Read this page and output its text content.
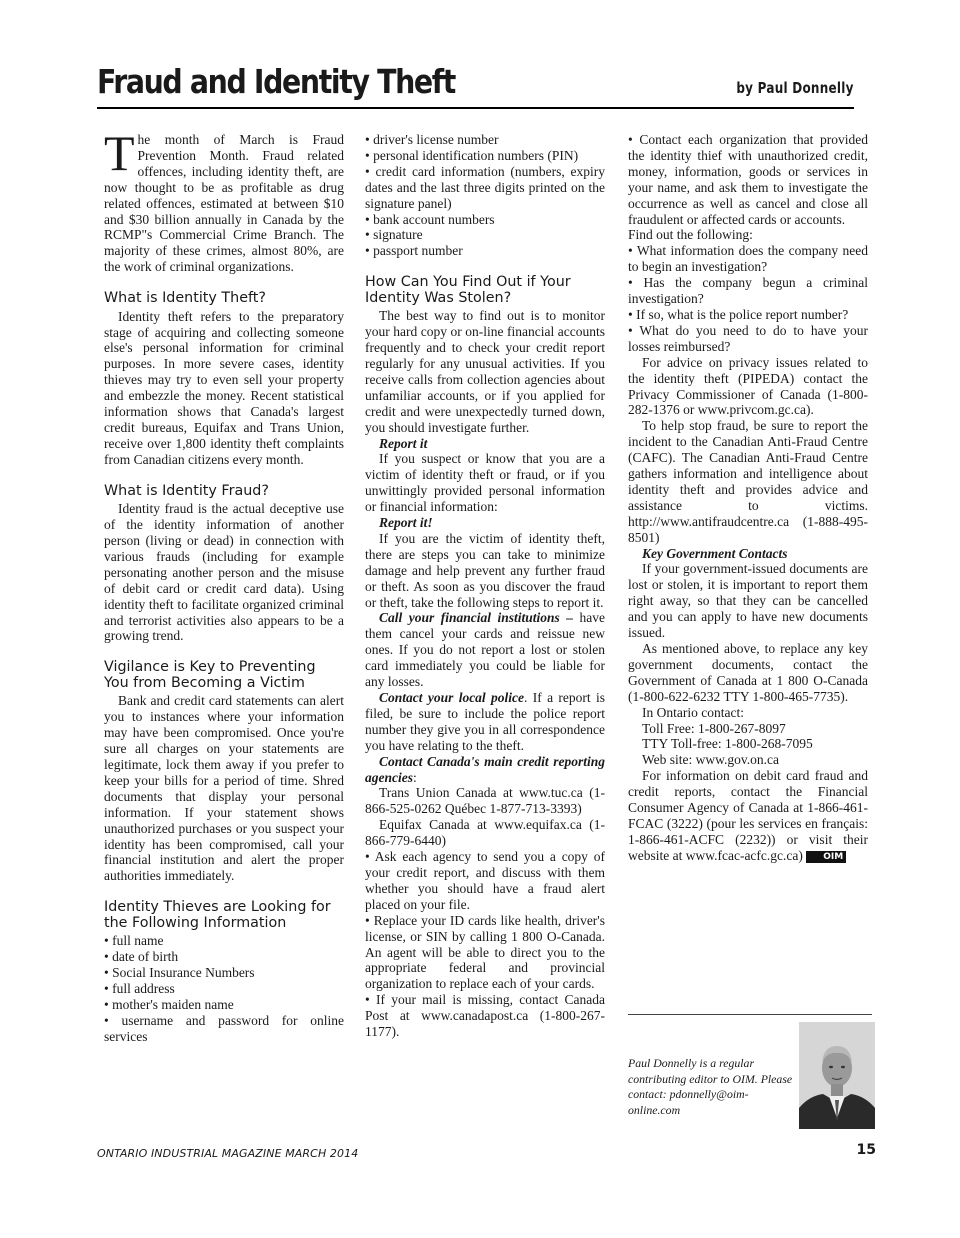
Fraud and Identity Theft	by Paul Donnelly

The month of March is Fraud Prevention Month. Fraud related offences, including identity theft, are now thought to be as profitable as drug related offences, estimated at between $10 and $30 billion annually in Canada by the RCMP"s Commercial Crime Branch. The majority of these crimes, almost 80%, are the work of criminal organizations.

What is Identity Theft?

Identity theft refers to the preparatory stage of acquiring and collecting someone else's personal information for criminal purposes. In more severe cases, identity thieves may try to even sell your property and embezzle the money. Recent statistical information shows that Canada's largest credit bureaus, Equifax and Trans Union, receive over 1,800 identity theft complaints from Canadian citizens every month.

What is Identity Fraud?

Identity fraud is the actual deceptive use of the identity information of another person (living or dead) in connection with various frauds (including for example personating another person and the misuse of debit card or credit card data). Using identity theft to facilitate organized criminal and terrorist activities also appears to be a growing trend.

Vigilance is Key to Preventing You from Becoming a Victim

Bank and credit card statements can alert you to instances where your information may have been compromised. Once you're sure all charges on your statements are legitimate, lock them away if you prefer to keep your bills for a period of time. Shred documents that display your personal information. If your statement shows unauthorized purchases or you suspect your identity has been compromised, call your financial institution and alert the proper authorities immediately.

Identity Thieves are Looking for the Following Information

• full name

• date of birth

• Social Insurance Numbers

• full address

• mother's maiden name

• username and password for online services

• driver's license number

• personal identification numbers (PIN)

• credit card information (numbers, expiry dates and the last three digits printed on the signature panel)

• bank account numbers

• signature

• passport number

How Can You Find Out if Your Identity Was Stolen?

The best way to find out is to monitor your hard copy or on-line financial accounts frequently and to check your credit report regularly for any unusual activities. If you receive calls from collection agencies about unfamiliar accounts, or if you applied for credit and were unexpectedly turned down, you should investigate further.

Report it

If you suspect or know that you are a victim of identity theft or fraud, or if you unwittingly provided personal information or financial information:

Report it!

If you are the victim of identity theft, there are steps you can take to minimize damage and help prevent any further fraud or theft. As soon as you discover the fraud or theft, take the following steps to report it.

Call your financial institutions – have them cancel your cards and reissue new ones. If you do not report a lost or stolen card immediately you could be liable for any losses.

Contact your local police. If a report is filed, be sure to include the police report number they give you in all correspondence you have relating to the theft.

Contact Canada's main credit reporting agencies:

Trans Union Canada at www.tuc.ca (1-866-525-0262 Québec 1-877-713-3393)

Equifax Canada at www.equifax.ca (1-866-779-6440)

• Ask each agency to send you a copy of your credit report, and discuss with them whether you should have a fraud alert placed on your file.

• Replace your ID cards like health, driver's license, or SIN by calling 1 800 O-Canada. An agent will be able to direct you to the appropriate federal and provincial organization to replace each of your cards.

• If your mail is missing, contact Canada Post at www.canadapost.ca (1-800-267-1177).

• Contact each organization that provided the identity thief with unauthorized credit, money, information, goods or services in your name, and ask them to investigate the occurrence as well as cancel and close all fraudulent or affected cards or accounts.

Find out the following:

• What information does the company need to begin an investigation?

• Has the company begun a criminal investigation?

• If so, what is the police report number?

• What do you need to do to have your losses reimbursed?

For advice on privacy issues related to the identity theft (PIPEDA) contact the Privacy Commissioner of Canada (1-800-282-1376 or www.privcom.gc.ca).

To help stop fraud, be sure to report the incident to the Canadian Anti-Fraud Centre (CAFC). The Canadian Anti-Fraud Centre gathers information and intelligence about identity theft and provides advice and assistance to victims. http://www.antifraudcentre.ca (1-888-495-8501)

Key Government Contacts

If your government-issued documents are lost or stolen, it is important to report them right away, so that they can be cancelled and you can apply to have new documents issued.

As mentioned above, to replace any key government documents, contact the Government of Canada at 1 800 O-Canada (1-800-622-6232 TTY 1-800-465-7735).

In Ontario contact:

Toll Free: 1-800-267-8097

TTY Toll-free: 1-800-268-7095

Web site: www.gov.on.ca

For information on debit card fraud and credit reports, contact the Financial Consumer Agency of Canada at 1-866-461-FCAC (3222) (pour les services en français: 1-866-461-ACFC (2232)) or visit their website at www.fcac-acfc.gc.ca) OIM

Paul Donnelly is a regular contributing editor to OIM. Please contact: pdonnelly@oim-online.com
ONTARIO INDUSTRIAL MAGAZINE MARCH 2014	15
